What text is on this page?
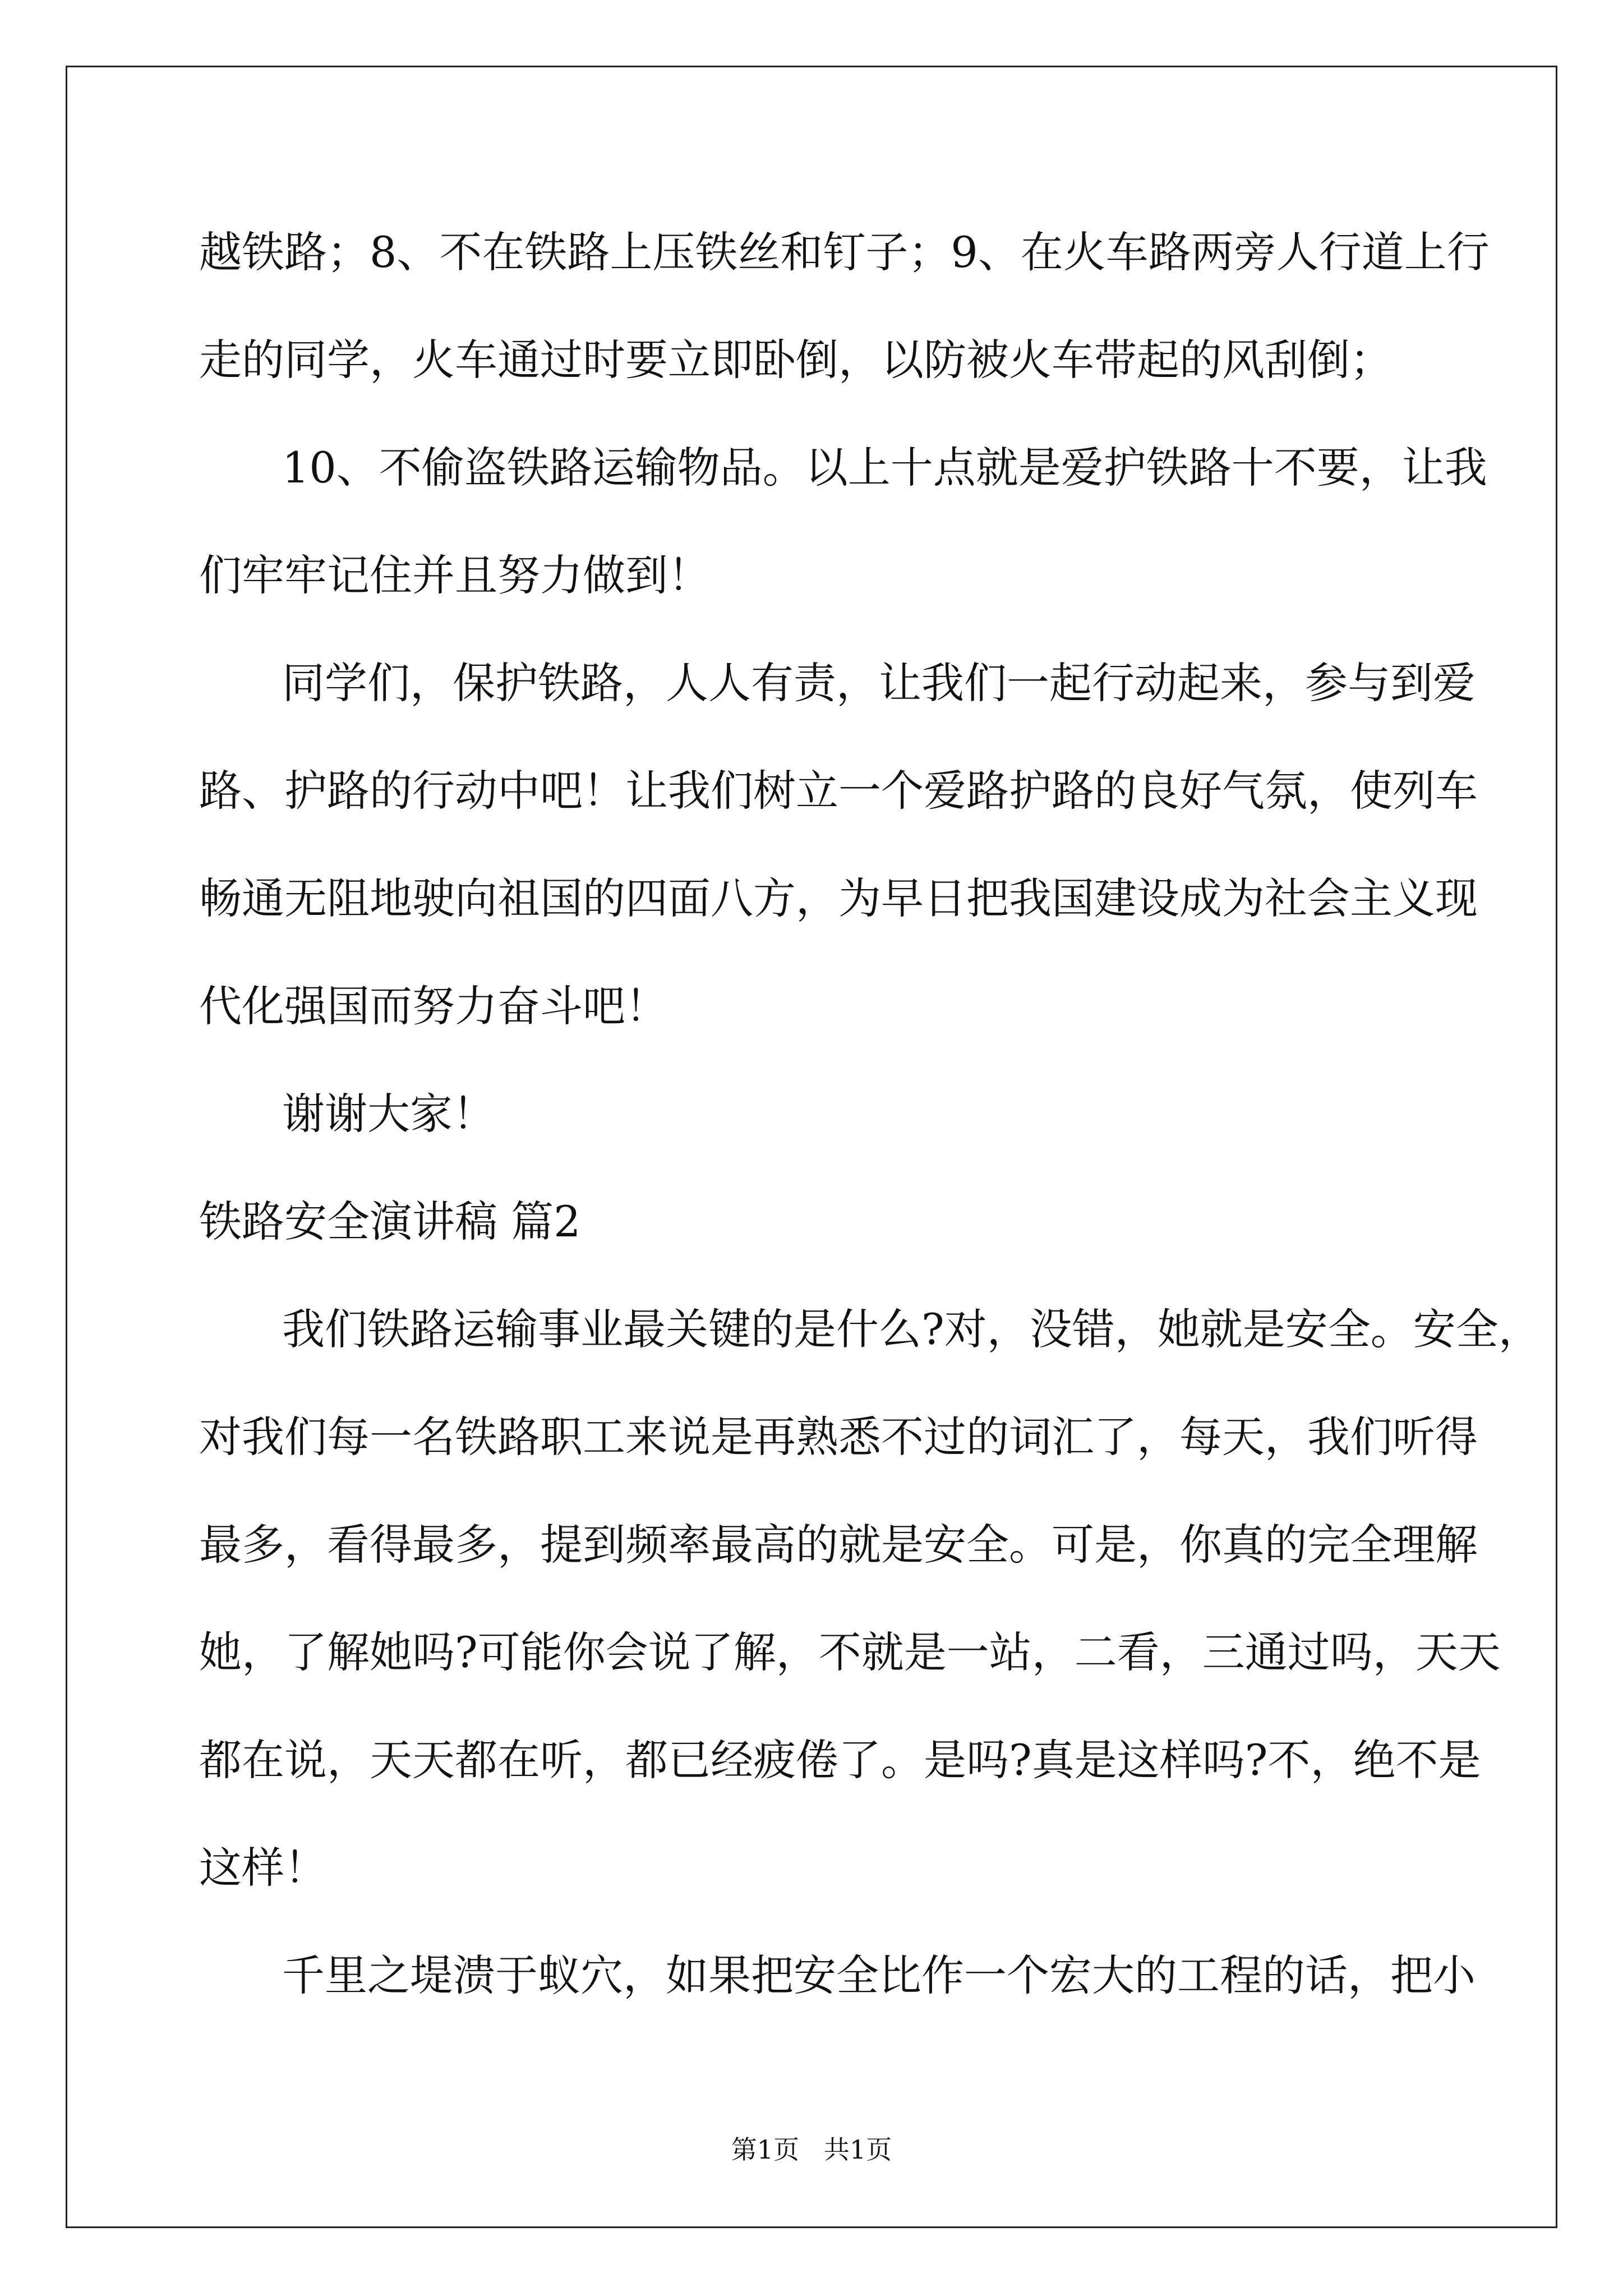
越铁路；8、不在铁路上压铁丝和钉子；9、在火车路两旁人行道上行
走的同学，火车通过时要立即卧倒，以防被火车带起的风刮倒；
10、不偷盗铁路运输物品。以上十点就是爱护铁路十不要，让我
们牢牢记住并且努力做到！
同学们，保护铁路，人人有责，让我们一起行动起来，参与到爱
路、护路的行动中吧！让我们树立一个爱路护路的良好气氛，使列车
畅通无阻地驶向祖国的四面八方，为早日把我国建设成为社会主义现
代化强国而努力奋斗吧！
谢谢大家！
铁路安全演讲稿 篇2
我们铁路运输事业最关键的是什么?对，没错，她就是安全。安全，
对我们每一名铁路职工来说是再熟悉不过的词汇了，每天，我们听得
最多，看得最多，提到频率最高的就是安全。可是，你真的完全理解
她，了解她吗?可能你会说了解，不就是一站，二看，三通过吗，天天
都在说，天天都在听，都已经疲倦了。是吗?真是这样吗?不，绝不是
这样！
千里之堤溃于蚁穴，如果把安全比作一个宏大的工程的话，把小
第1页   共1页
